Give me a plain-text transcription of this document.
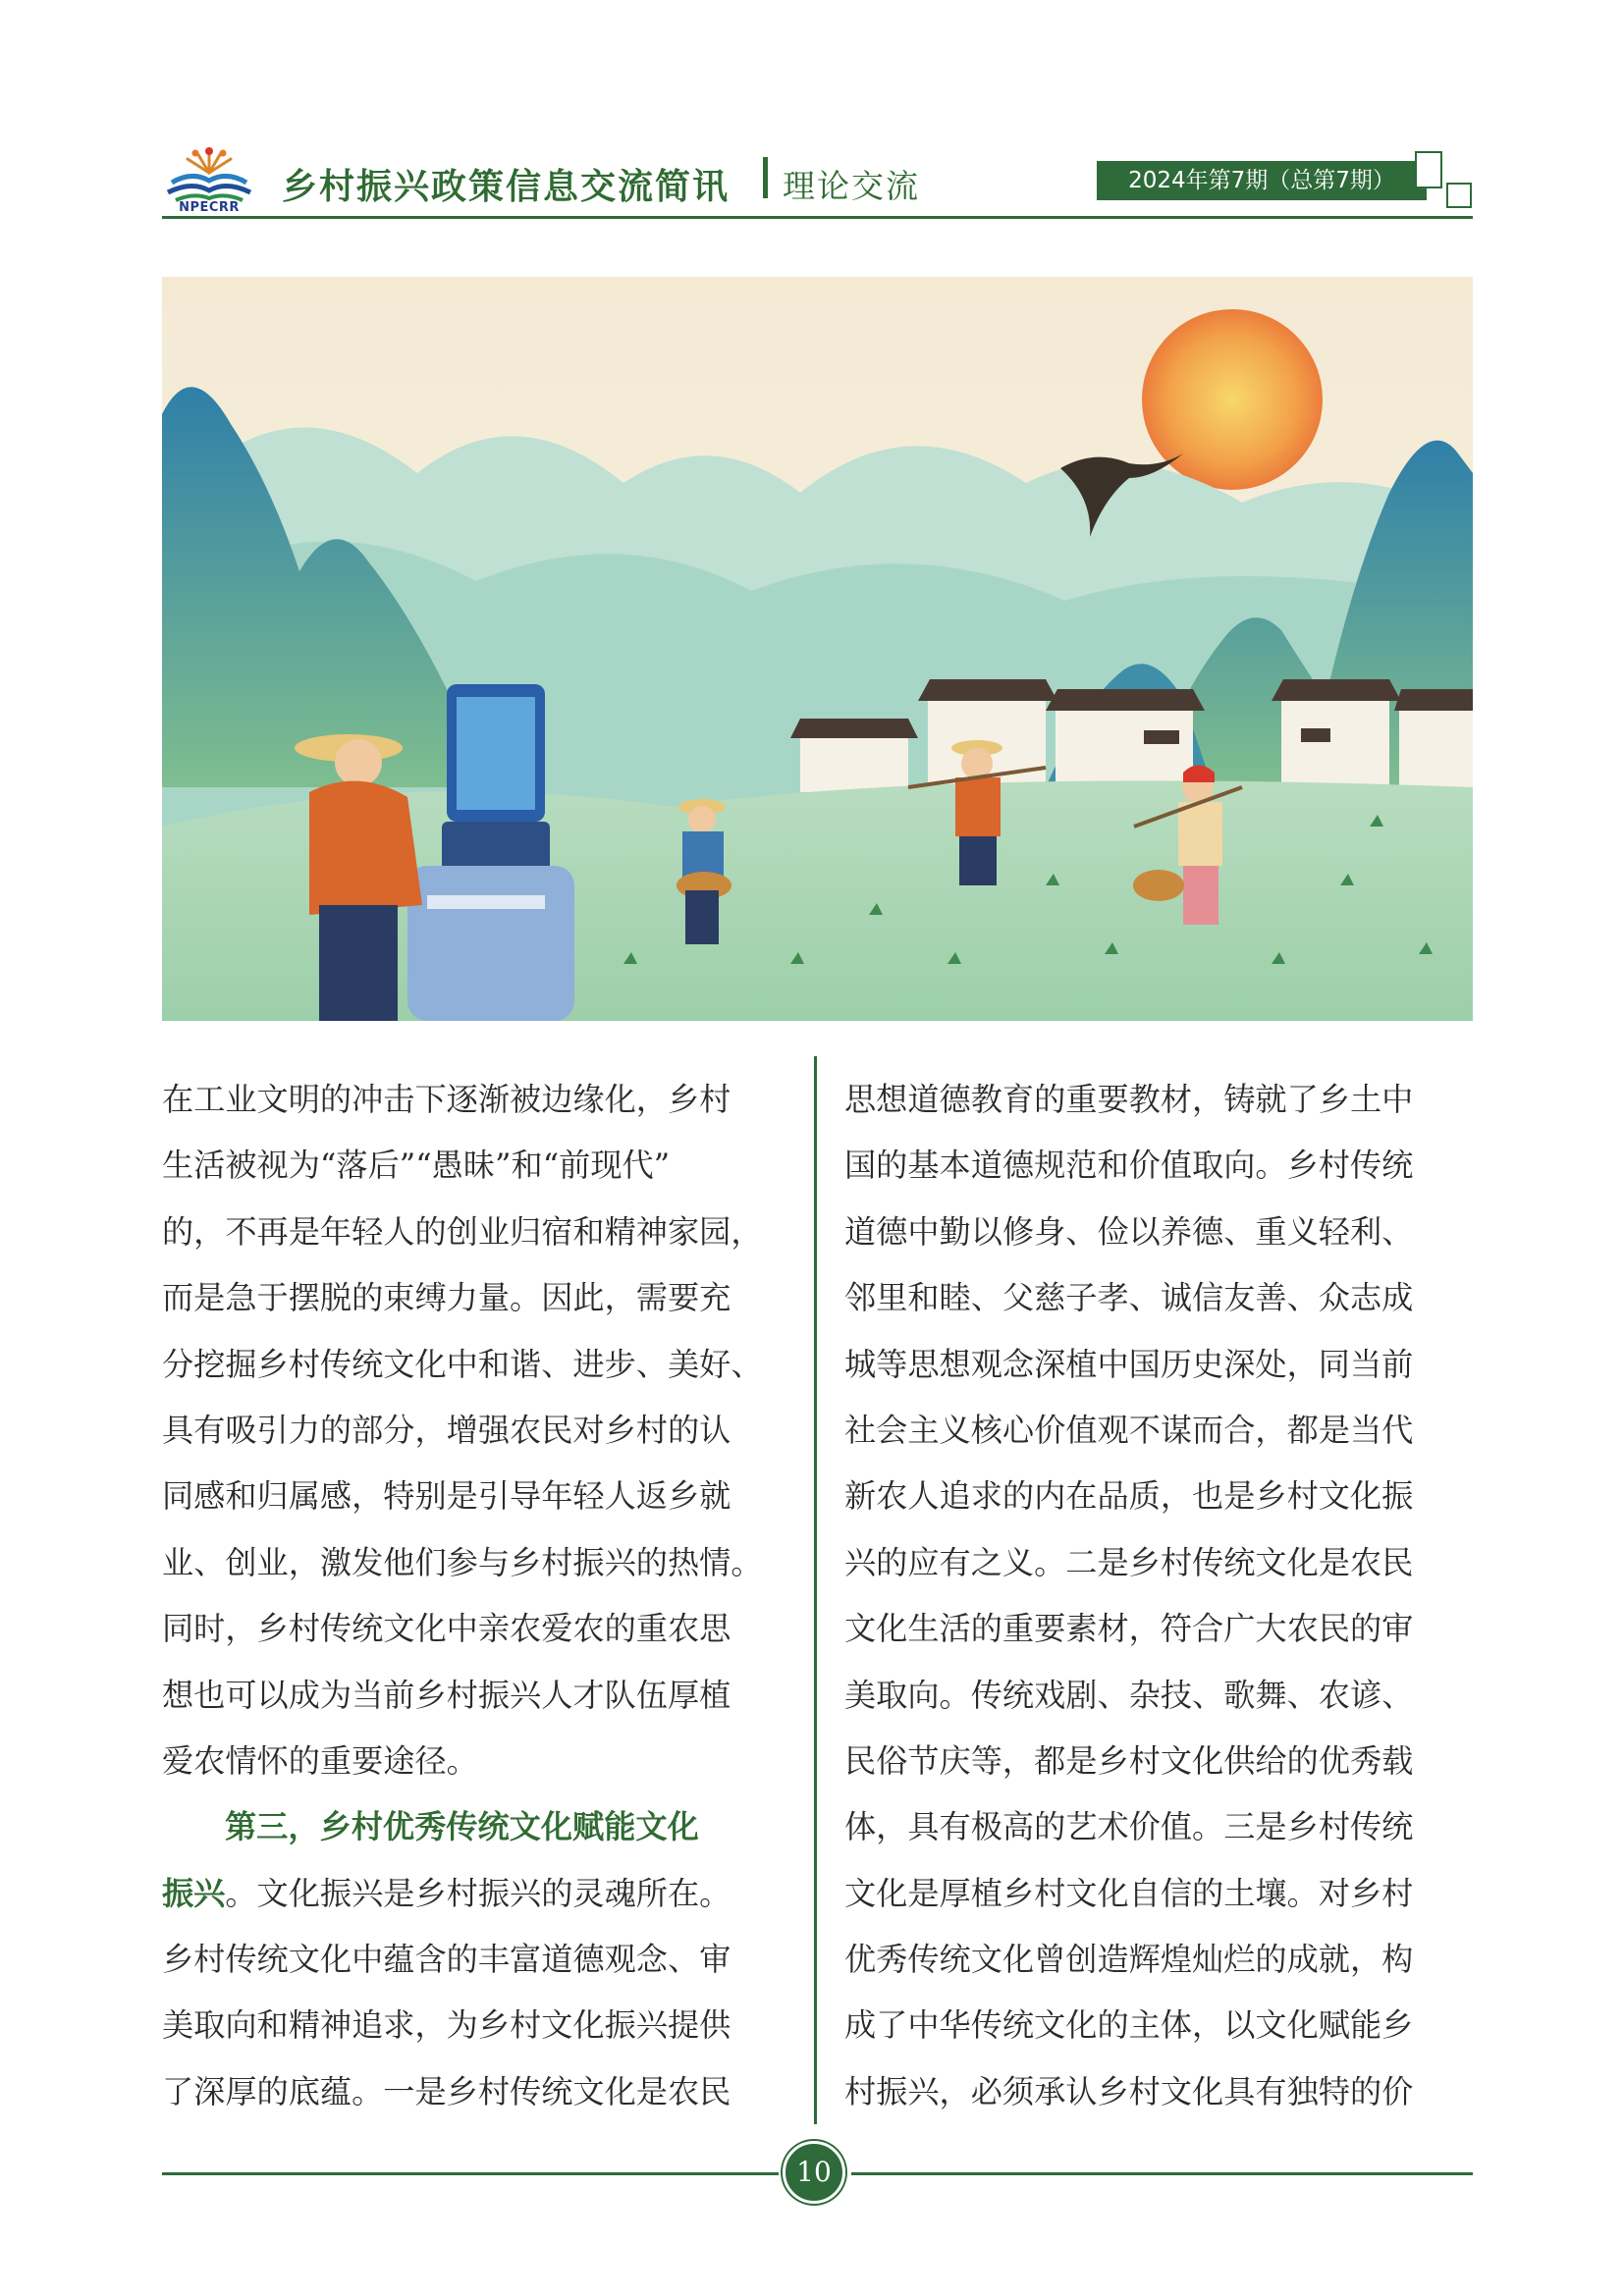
NPECRR
乡村振兴政策信息交流简讯 理论交流	2024年第7期（总第7期）
在工业文明的冲击下逐渐被边缘化，乡村
生活被视为“落后”“愚昧”和“前现代”
的，不再是年轻人的创业归宿和精神家园，
而是急于摆脱的束缚力量。因此，需要充
分挖掘乡村传统文化中和谐、进步、美好、
具有吸引力的部分，增强农民对乡村的认
同感和归属感，特别是引导年轻人返乡就
业、创业，激发他们参与乡村振兴的热情。
同时，乡村传统文化中亲农爱农的重农思
想也可以成为当前乡村振兴人才队伍厚植
爱农情怀的重要途径。
第三，乡村优秀传统文化赋能文化
振兴。文化振兴是乡村振兴的灵魂所在。
乡村传统文化中蕴含的丰富道德观念、审
美取向和精神追求，为乡村文化振兴提供
了深厚的底蕴。一是乡村传统文化是农民
思想道德教育的重要教材，铸就了乡土中
国的基本道德规范和价值取向。乡村传统
道德中勤以修身、俭以养德、重义轻利、
邻里和睦、父慈子孝、诚信友善、众志成
城等思想观念深植中国历史深处，同当前
社会主义核心价值观不谋而合，都是当代
新农人追求的内在品质，也是乡村文化振
兴的应有之义。二是乡村传统文化是农民
文化生活的重要素材，符合广大农民的审
美取向。传统戏剧、杂技、歌舞、农谚、
民俗节庆等，都是乡村文化供给的优秀载
体，具有极高的艺术价值。三是乡村传统
文化是厚植乡村文化自信的土壤。对乡村
优秀传统文化曾创造辉煌灿烂的成就，构
成了中华传统文化的主体，以文化赋能乡
村振兴，必须承认乡村文化具有独特的价
10
